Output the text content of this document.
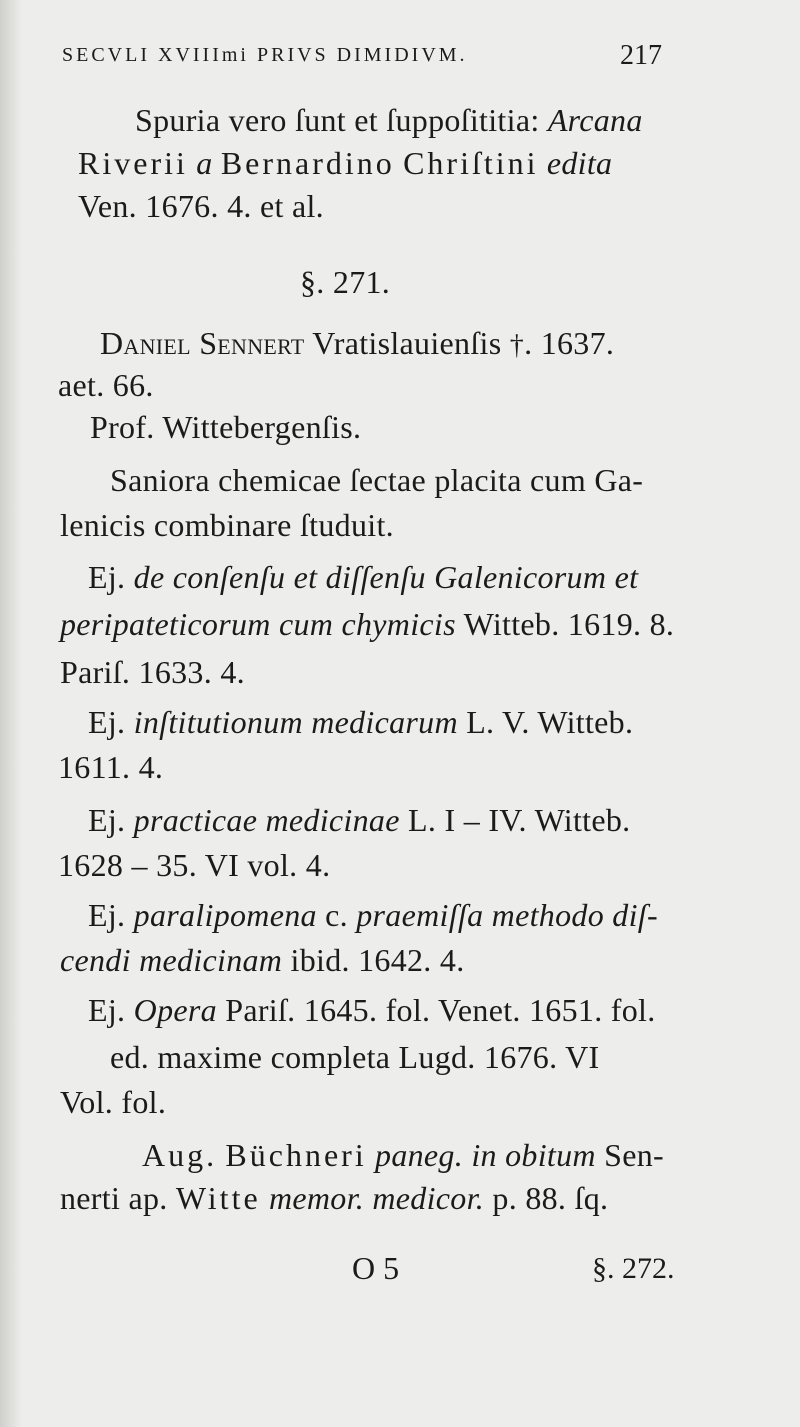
SECVLI XVIIImi PRIVS DIMIDIVM.	217
Spuria vero ſunt et ſuppoſititia: Arcana
Riverii a Bernardino Chriſtini edita
Ven. 1676. 4. et al.
§. 271.
Daniel Sennert Vratislauienſis †. 1637.
aet. 66.
Prof. Wittebergenſis.
Saniora chemicae ſectae placita cum Ga-
lenicis combinare ſtuduit.
Ej. de conſenſu et diſſenſu Galenicorum et
peripateticorum cum chymicis Witteb. 1619. 8.
Pariſ. 1633. 4.
Ej. inſtitutionum medicarum L. V. Witteb.
1611. 4.
Ej. practicae medicinae L. I – IV. Witteb.
1628 – 35. VI vol. 4.
Ej. paralipomena c. praemiſſa methodo diſ-
cendi medicinam ibid. 1642. 4.
Ej. Opera Pariſ. 1645. fol. Venet. 1651. fol.
ed. maxime completa Lugd. 1676. VI
Vol. fol.
Aug. Büchneri paneg. in obitum Sen-
nerti ap. Witte memor. medicor. p. 88. ſq.
O 5	§. 272.
